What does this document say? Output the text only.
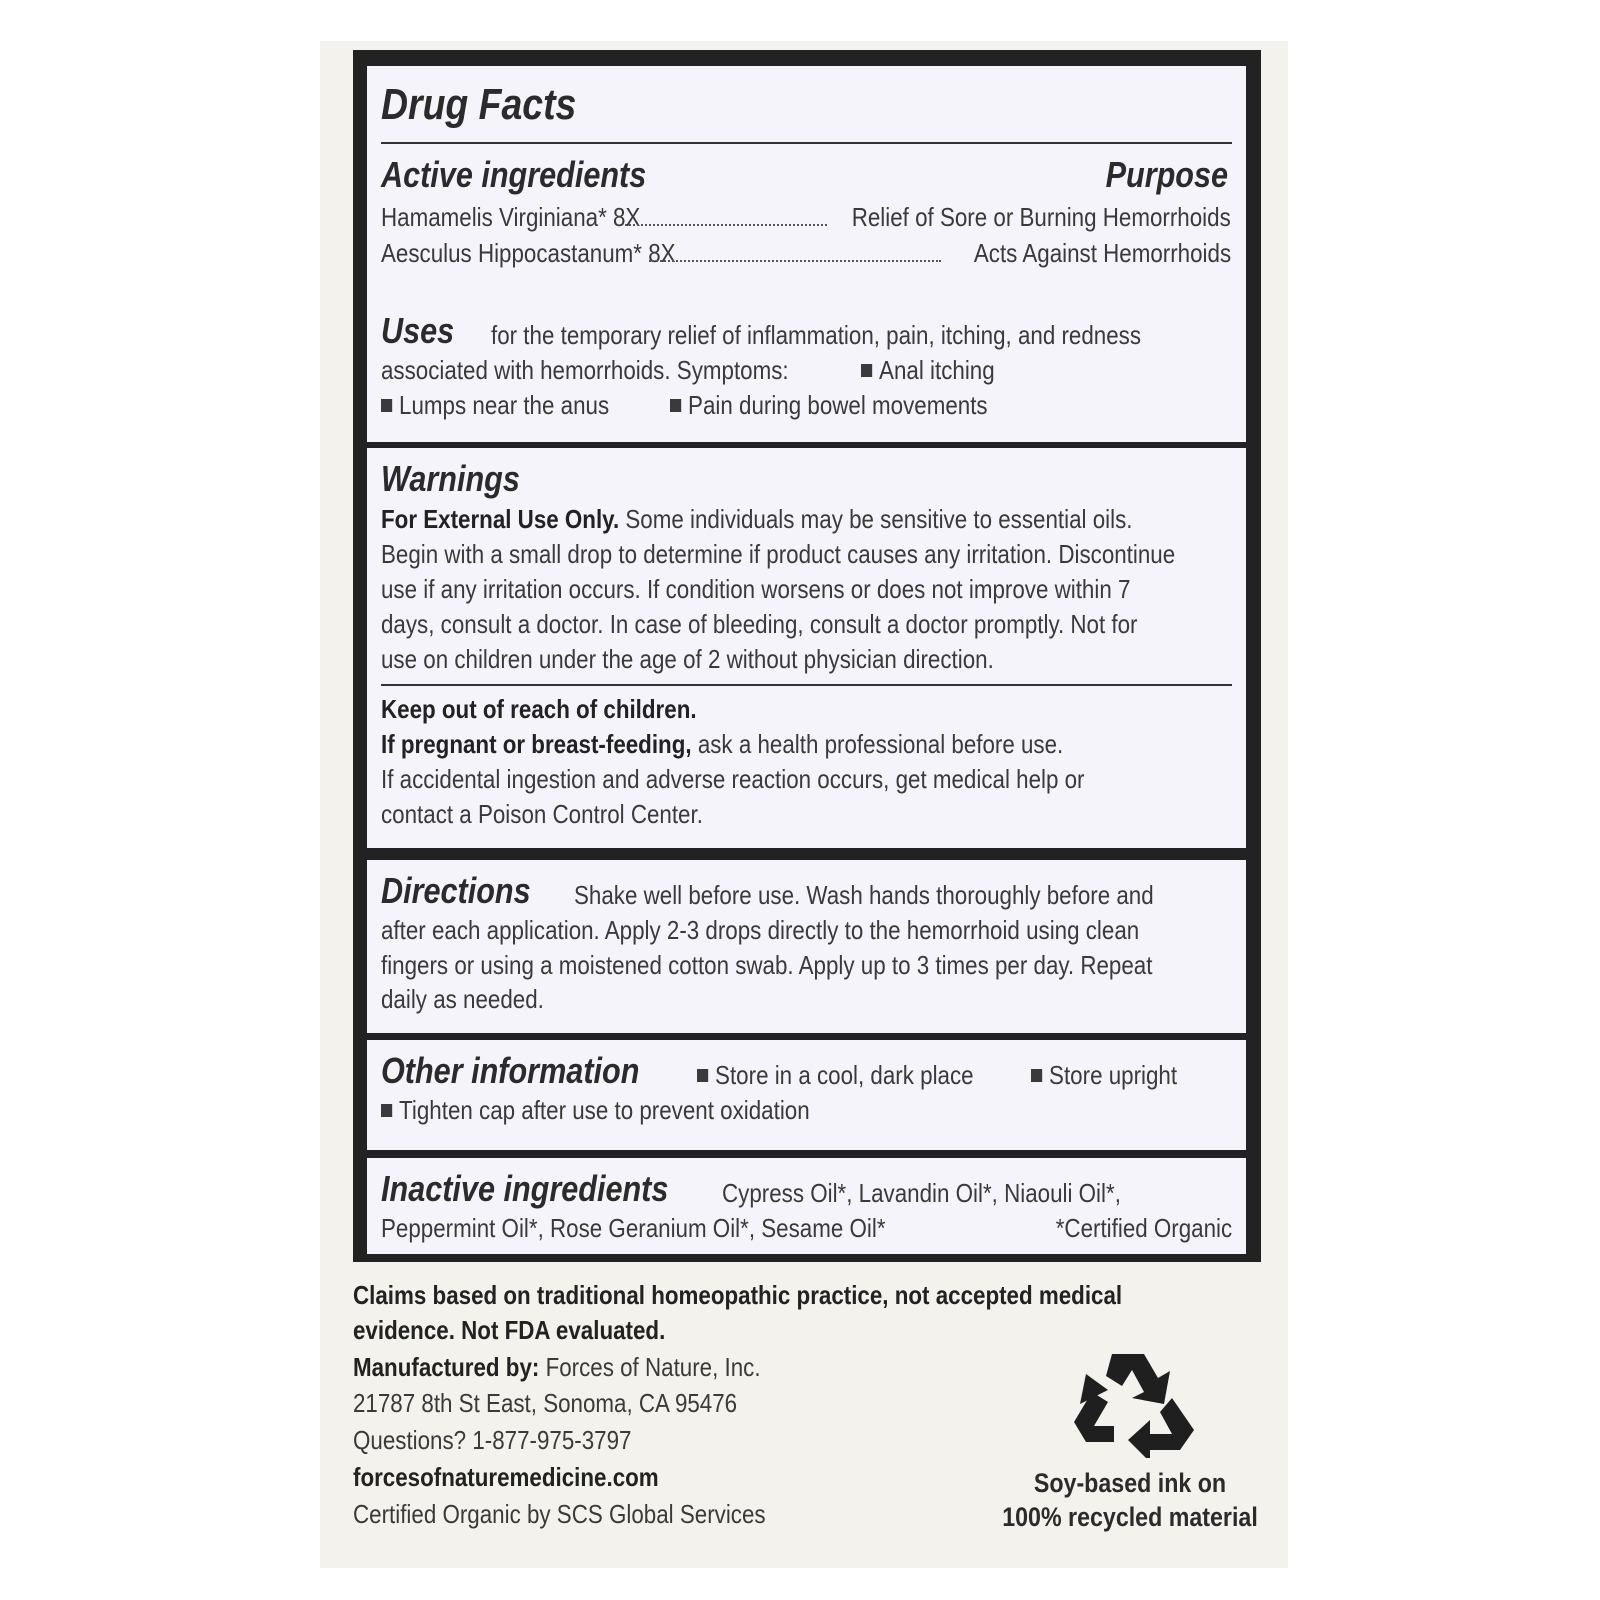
Drug Facts
Active ingredients	Purpose
Hamamelis Virginiana* 8X	Relief of Sore or Burning Hemorrhoids
Aesculus Hippocastanum* 8X	Acts Against Hemorrhoids
Uses	for the temporary relief of inflammation, pain, itching, and redness
associated with hemorrhoids. Symptoms:	Anal itching
Lumps near the anus	Pain during bowel movements
Warnings
For External Use Only. Some individuals may be sensitive to essential oils.
Begin with a small drop to determine if product causes any irritation. Discontinue
use if any irritation occurs. If condition worsens or does not improve within 7
days, consult a doctor. In case of bleeding, consult a doctor promptly. Not for
use on children under the age of 2 without physician direction.
Keep out of reach of children.
If pregnant or breast-feeding, ask a health professional before use.
If accidental ingestion and adverse reaction occurs, get medical help or
contact a Poison Control Center.
Directions	Shake well before use. Wash hands thoroughly before and
after each application. Apply 2-3 drops directly to the hemorrhoid using clean
fingers or using a moistened cotton swab. Apply up to 3 times per day. Repeat
daily as needed.
Other information	Store in a cool, dark place	Store upright
Tighten cap after use to prevent oxidation
Inactive ingredients	Cypress Oil*, Lavandin Oil*, Niaouli Oil*,
Peppermint Oil*, Rose Geranium Oil*, Sesame Oil*	*Certified Organic
Claims based on traditional homeopathic practice, not accepted medical
evidence. Not FDA evaluated.
Manufactured by: Forces of Nature, Inc.
21787 8th St East, Sonoma, CA 95476
Questions? 1-877-975-3797
forcesofnaturemedicine.com
Certified Organic by SCS Global Services
Soy-based ink on
100% recycled material
